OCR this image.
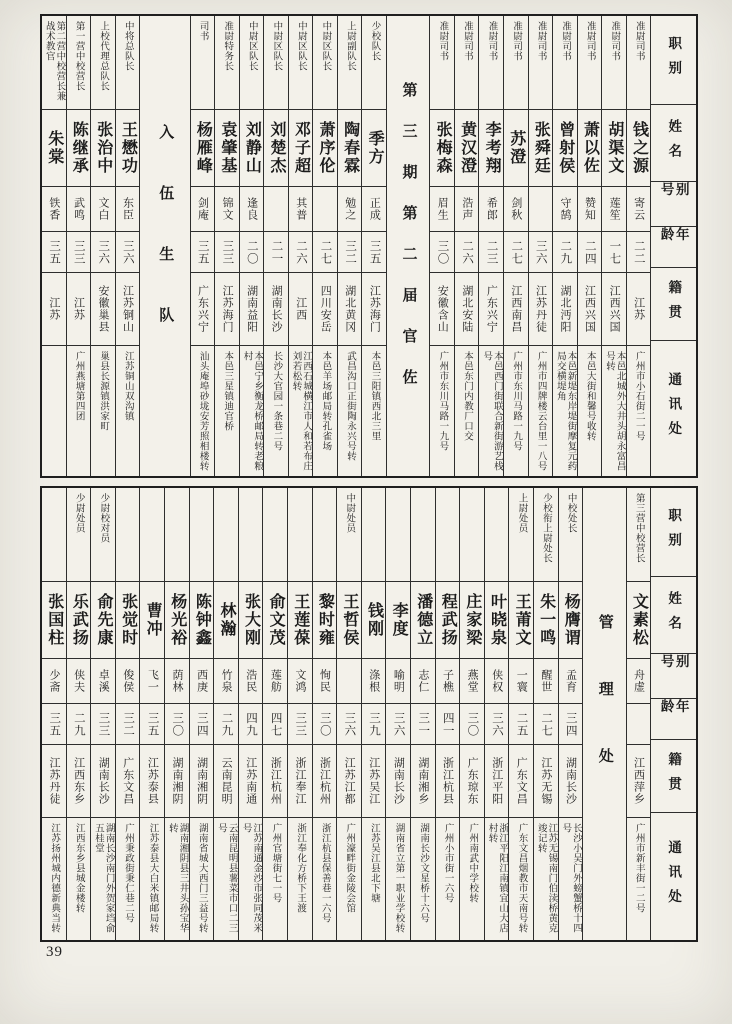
职别
姓名
别号
年龄
籍贯
通讯处
准尉司书
钱之源
寄云
二二
江苏
广州市小石街二一号
准尉司书
胡渠文
莲笙
一七
江西兴国
本邑北城外大井头胡永富昌号转
准尉司书
萧以佐
赞知
二四
江西兴国
本邑大街和馨号收转
准尉司书
曾射侯
守鹄
二九
湖北沔阳
本邑新堤东岸堤街摩复元药局交横堤角
准尉司书
张舜廷
三六
江苏丹徒
广州市四牌楼云台里一八号
准尉司书
苏澄
剑秋
二七
江西南昌
广州市东川马路一九号
准尉司书
李考翔
希郎
二三
广东兴宁
本邑西门街联合新街游艺栈号
准尉司书
黄汉澄
浩声
二六
湖北安陆
本邑东门内教厂口交
准尉司书
张梅森
眉生
三〇
安徽含山
广州市东川马路一九号
第三期第二届官佐
少校队长
季方
正成
三五
江苏海门
本邑三阳镇西北三里
上尉副队长
陶春霖
勉之
三二
湖北黄冈
武昌沟口正街陶永兴号转
中尉区队长
萧序伦
二七
四川安岳
本邑羊场邮局转孔雀场
中尉区队长
邓子超
其普
二六
江西
江西石城横江市人和若布庄刘若松转
中尉区队长
刘楚杰
二一
湖南长沙
长沙大官园一条巷二号
中尉区队长
刘静山
逢良
二〇
湖南益阳
本邑宁乡衡龙桥邮局转老粮村
准尉特务长
袁肇基
锦文
三三
江苏海门
本邑三星镇迪官桥
司书
杨雁峰
剑庵
三五
广东兴宁
汕头庵埠砂垅安芳照相楼转
入伍生队
中将总队长
王懋功
东臣
三六
江苏铜山
江苏铜山双沟镇
上校代理总队长
张治中
文白
三六
安徽巢县
巢县长源镇洪家町
第一营中校营长
陈继承
武鸣
三三
江苏
广州燕塘第四团
第二营中校营长兼战术教官
朱棠
铁香
三五
江苏
职别
姓名
别号
年龄
籍贯
通讯处
第三营中校营长
文素松
舟虚
江西萍乡
广州市新丰街一二号
管理处
中校处长
杨膺谓
孟育
三四
湖南长沙
长沙小吴门外螃蟹桥十四号
少校衔上尉处长
朱一鸣
醒世
二七
江苏无锡
江苏无锡南门伯渎桥黄克竣记转
上尉处员
王莆文
一寰
二五
广东文昌
广东文昌烟教市天南号转
叶晓泉
侠权
三六
浙江平阳
浙江平阳江南镇宜山大店村转
庄家梁
燕堂
三〇
广东琼东
广州南武中学校转
程武扬
子樵
四一
浙江杭县
广州小市街一六号
潘德立
志仁
三一
湖南湘乡
湖南长沙文星桥十六号
李度
喻明
三六
湖南长沙
湖南省立第一职业学校转
钱刚
涤根
三九
江苏吴江
江苏吴江县北下塘
中尉处员
王哲侯
三六
江苏江都
广州濠畔街金陵会馆
黎时雍
恂民
三〇
浙江杭州
浙江杭县保善巷一六号
王莲葆
文鸿
三三
浙江奉江
浙江奉化方桥下王渡
俞文茂
莲舫
四七
浙江杭州
广州官塘街七一号
张大刚
浩民
四九
江苏南通
江苏南通金沙市张同茂米号
林瀚
竹泉
二九
云南昆明
云南昆明县薯菜市口二三号
陈钟鑫
西庚
三四
湖南湘阴
湖南省城大西门三益号转
杨光裕
荫林
三〇
湖南湘阴
湖南湘阴县三井头孙宝华转
曹冲
飞一
三五
江苏泰县
江苏泰县大白米镇邮局转
张觉时
俊侯
三二
广东文昌
广州秉政街秉仁巷二号
少尉校对员
俞先康
卓溪
三三
湖南长沙
湖南长沙南门外贺家垱俞五桂堂
少尉处员
乐武扬
侠夫
二九
江西东乡
江西东乡县城金楼转
张国柱
少斋
三五
江苏丹徒
江苏扬州城内德新典当转
39
